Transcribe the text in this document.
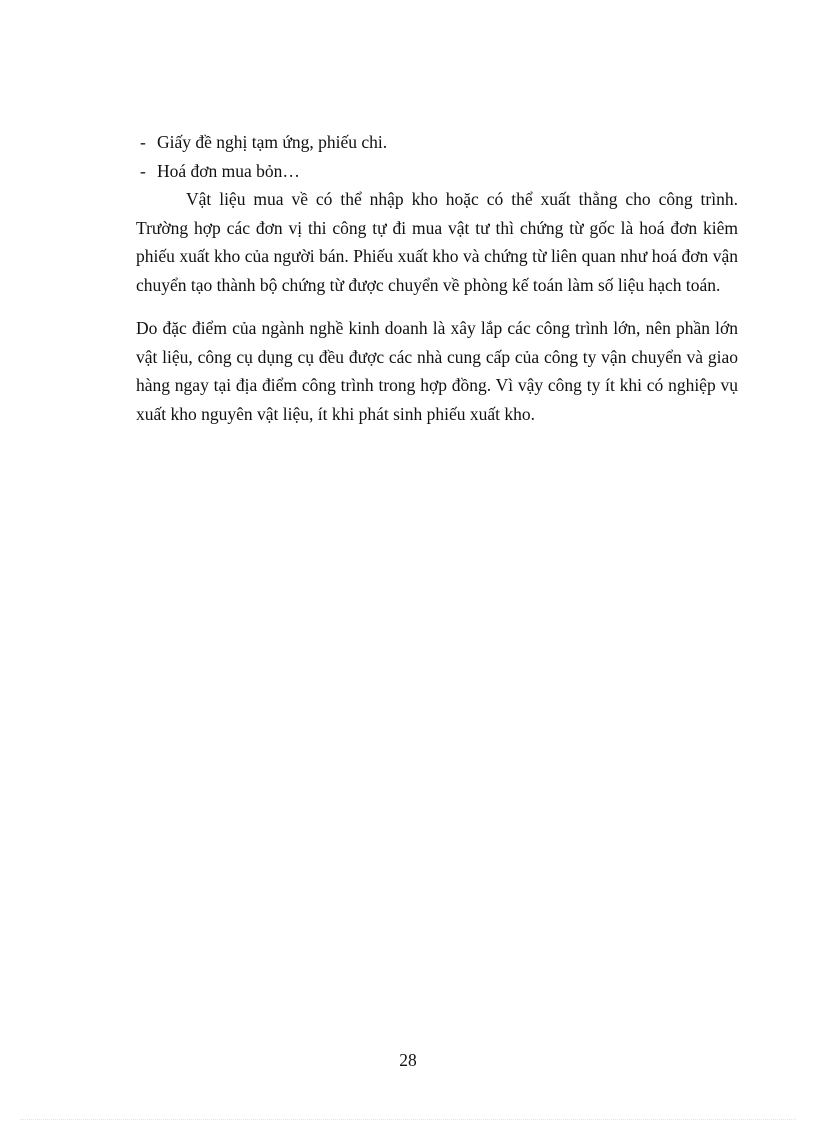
- Giấy đề nghị tạm ứng, phiếu chi.
- Hoá đơn mua bỏn…

Vật liệu mua về có thể nhập kho hoặc có thể xuất thẳng cho công trình. Trường hợp các đơn vị thi công tự đi mua vật tư thì chứng từ gốc là hoá đơn kiêm phiếu xuất kho của người bán. Phiếu xuất kho và chứng từ liên quan như hoá đơn vận chuyển tạo thành bộ chứng từ được chuyển về phòng kế toán làm số liệu hạch toán.

Do đặc điểm của ngành nghề kinh doanh là xây lắp các công trình lớn, nên phần lớn vật liệu, công cụ dụng cụ đều được các nhà cung cấp của công ty vận chuyển và giao hàng ngay tại địa điểm công trình trong hợp đồng. Vì vậy công ty ít khi có nghiệp vụ xuất kho nguyên vật liệu, ít khi phát sinh phiếu xuất kho.

28
